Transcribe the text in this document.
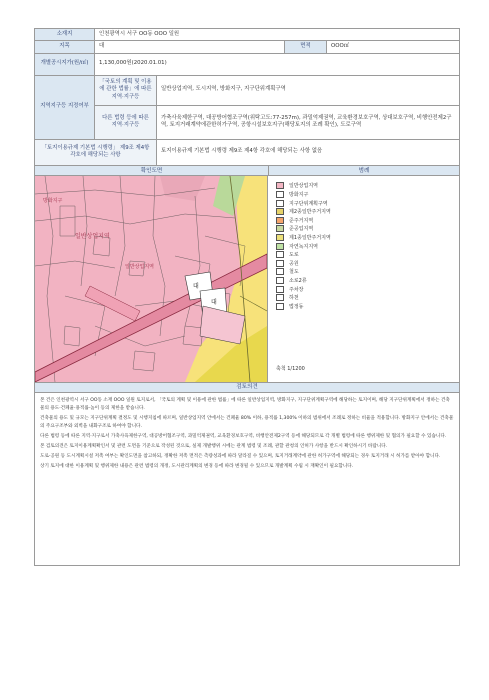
소재지	인천광역시 서구 OO동 OOO 일원			
지목	대		면적	OOO㎡
개별공시지가(원/㎡)	1,130,000원(2020.01.01)			
지역지구등 지정여부	「국토의 계획 및 이용에 관한 법률」에 따른 지역·지구등	일반상업지역, 도시지역, 방화지구, 지구단위계획구역		
	다른 법령 등에 따른 지역·지구등	가축사육제한구역, 대공방어협조구역(위탁고도:77-257m), 과밀억제권역, 교육환경보호구역, 상대보호구역, 비행안전제2구역, 토지거래계약에관한허가구역, 공항시설보호지구(해당토지의 조례 확인), 도로구역		
「토지이용규제 기본법 시행령」 제9조 제4항 각호에 해당되는 사항		토지이용규제 기본법 시행령 제9조 제4항 각호에 해당되는 사항 없음		
확인도면	범례
일반상업지역
일반상업지역
방화지구
대
대
일반상업지역
방화지구
지구단위계획구역
제2종일반주거지역
준주거지역
준공업지역
제1종일반주거지역
자연녹지지역
도로
공원
철도
소로2류
주차장
하천
법정동
축척 1/1200
검토의견

본 건은 인천광역시 서구 OO동 소재 OOO 일원 토지로서, 「국토의 계획 및 이용에 관한 법률」에 따른 일반상업지역, 방화지구, 지구단위계획구역에 해당하는 토지이며, 해당 지구단위계획에서 정하는 건축물의 용도·건폐율·용적률·높이 등의 제한을 받습니다.

건축물의 용도 및 규모는 지구단위계획 결정도 및 시행지침에 따르며, 일반상업지역 안에서는 건폐율 80% 이하, 용적률 1,300% 이하의 범위에서 조례로 정하는 비율을 적용합니다. 방화지구 안에서는 건축물의 주요구조부와 외벽을 내화구조로 하여야 합니다.

다른 법령 등에 따른 지역·지구로서 가축사육제한구역, 대공방어협조구역, 과밀억제권역, 교육환경보호구역, 비행안전제2구역 등에 해당되므로 각 개별 법령에 따른 행위제한 및 협의가 필요할 수 있습니다.

본 검토의견은 토지이용계획확인서 및 관련 도면을 기준으로 작성된 것으로, 실제 개발행위 시에는 관계 법령 및 조례, 관할 관청의 인허가 사항을 반드시 확인하시기 바랍니다.

도로·공원 등 도시계획시설 저촉 여부는 확인도면을 참고하되, 정확한 저촉 면적은 측량성과에 따라 달라질 수 있으며, 토지거래계약에 관한 허가구역에 해당되는 경우 토지거래 시 허가를 받아야 합니다.

상기 토지에 대한 이용계획 및 행위제한 내용은 관련 법령의 개정, 도시관리계획의 변경 등에 따라 변경될 수 있으므로 개발계획 수립 시 재확인이 필요합니다.
